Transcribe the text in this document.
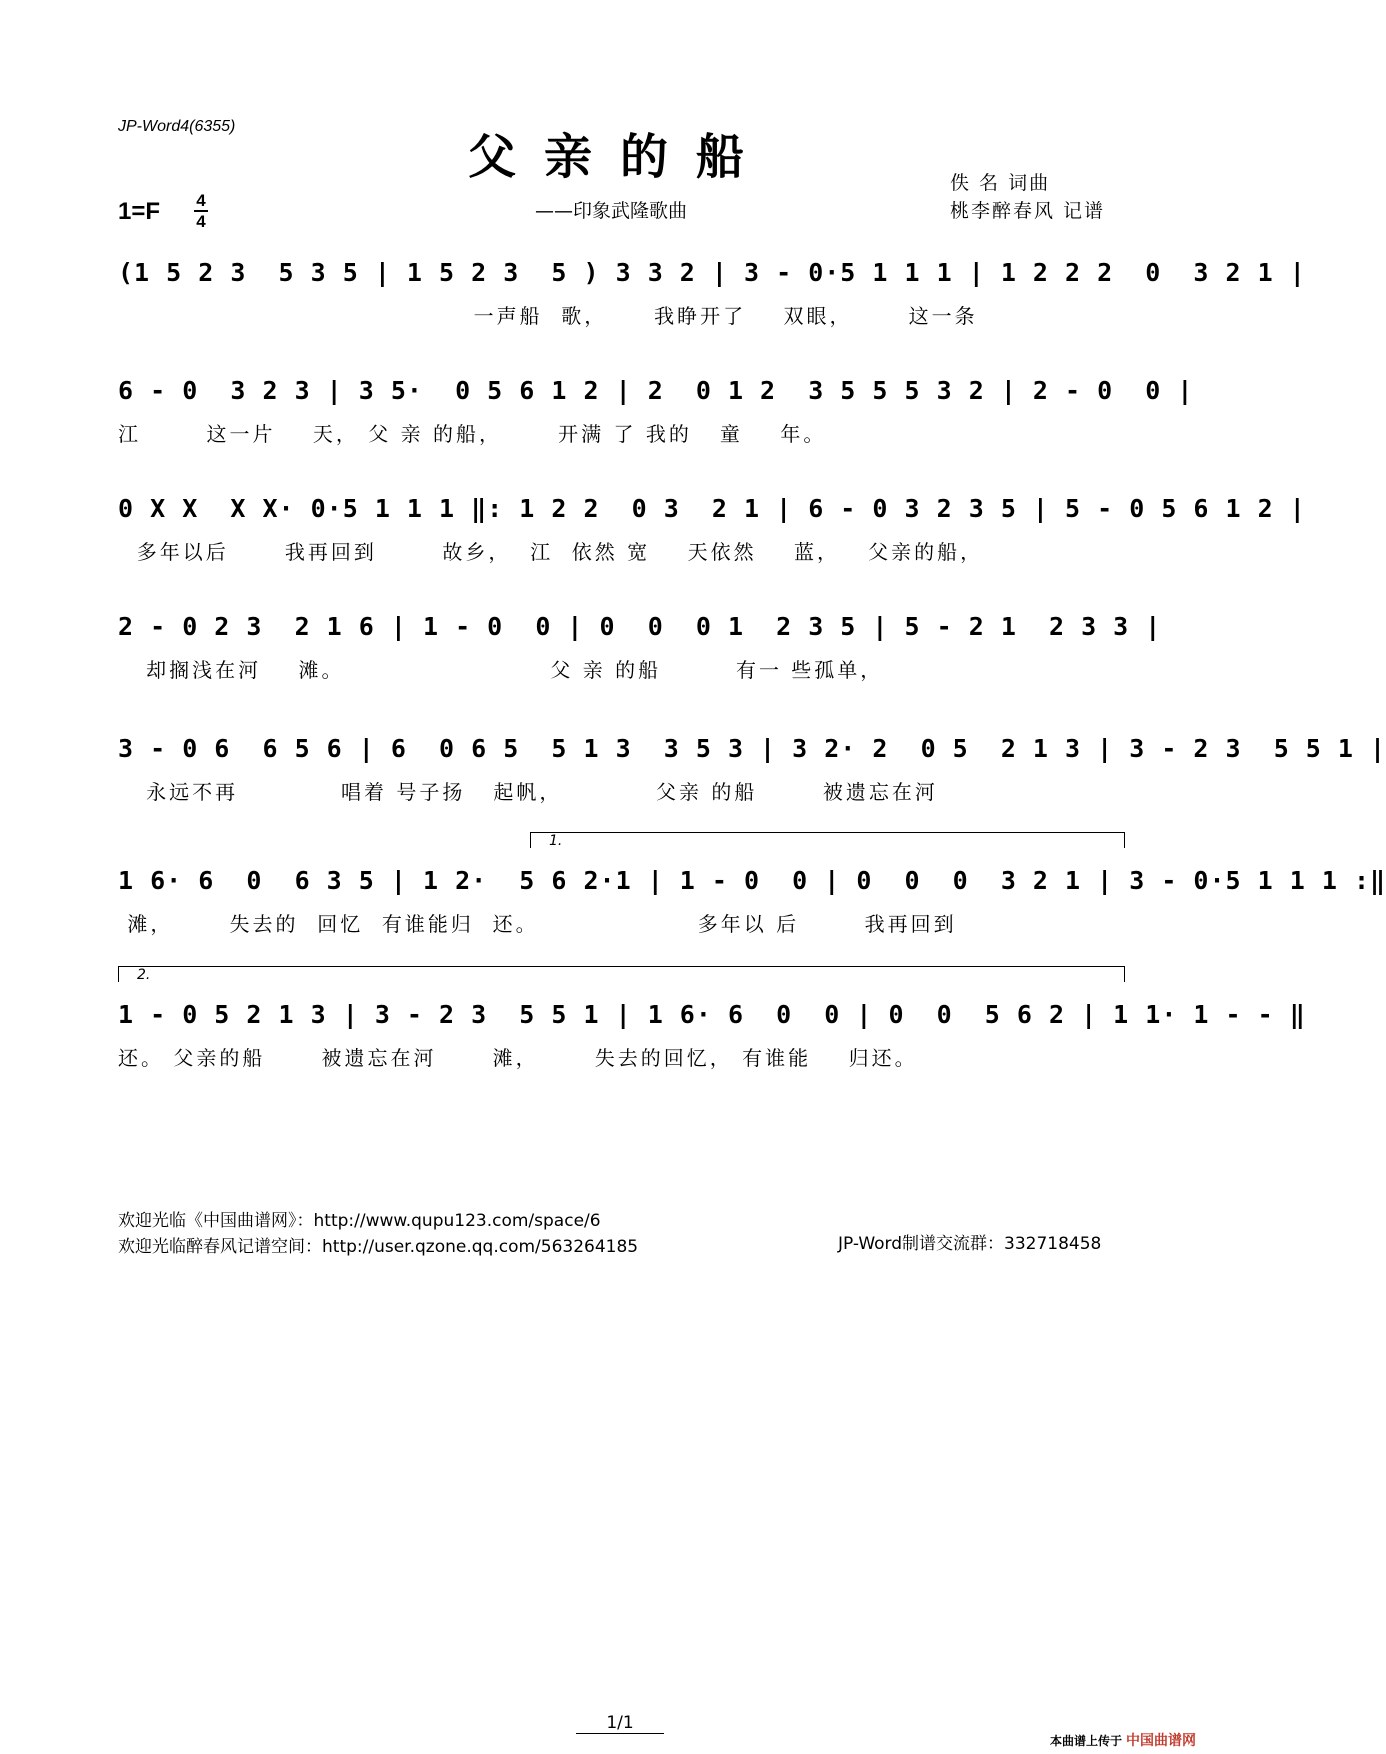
JP-Word4(6355)
父亲的船
——印象武隆歌曲
佚 名 词曲
桃李醉春风 记谱
1=F 4
4
(1 5 2 3  5 3 5 | 1 5 2 3  5 ) 3 3 2 | 3 - 0·5 1 1 1 | 1 2 2 2  0  3 2 1 |
一声船  歌，     我睁开了    双眼，      这一条
6 - 0  3 2 3 | 3 5·  0 5 6 1 2 | 2  0 1 2  3 5 5 5 3 2 | 2 - 0  0 |
江       这一片    天， 父 亲 的船，      开满 了 我的   童    年。
0 X X  X X· 0·5 1 1 1 ‖: 1 2 2  0 3  2 1 | 6 - 0 3 2 3 5 | 5 - 0 5 6 1 2 |
多年以后      我再回到       故乡，  江  依然 宽    天依然    蓝，   父亲的船，
2 - 0 2 3  2 1 6 | 1 - 0  0 | 0  0  0 1  2 3 5 | 5 - 2 1  2 3 3 |
却搁浅在河    滩。                      父 亲 的船        有一 些孤单，
3 - 0 6  6 5 6 | 6  0 6 5  5 1 3  3 5 3 | 3 2· 2  0 5  2 1 3 | 3 - 2 3  5 5 1 |
永远不再           唱着 号子扬   起帆，          父亲 的船       被遗忘在河
1.
1 6· 6  0  6 3 5 | 1 2·  5 6 2·1 | 1 - 0  0 | 0  0  0  3 2 1 | 3 - 0·5 1 1 1 :‖
滩，      失去的  回忆  有谁能归  还。                 多年以 后       我再回到
2.
1 - 0 5 2 1 3 | 3 - 2 3  5 5 1 | 1 6· 6  0  0 | 0  0  5 6 2 | 1 1· 1 - - ‖
还。 父亲的船      被遗忘在河      滩，      失去的回忆， 有谁能    归还。
欢迎光临《中国曲谱网》：http://www.qupu123.com/space/6
欢迎光临醉春风记谱空间：http://user.qzone.qq.com/563264185	JP-Word制谱交流群：332718458
1/1
本曲谱上传于 中国曲谱网
